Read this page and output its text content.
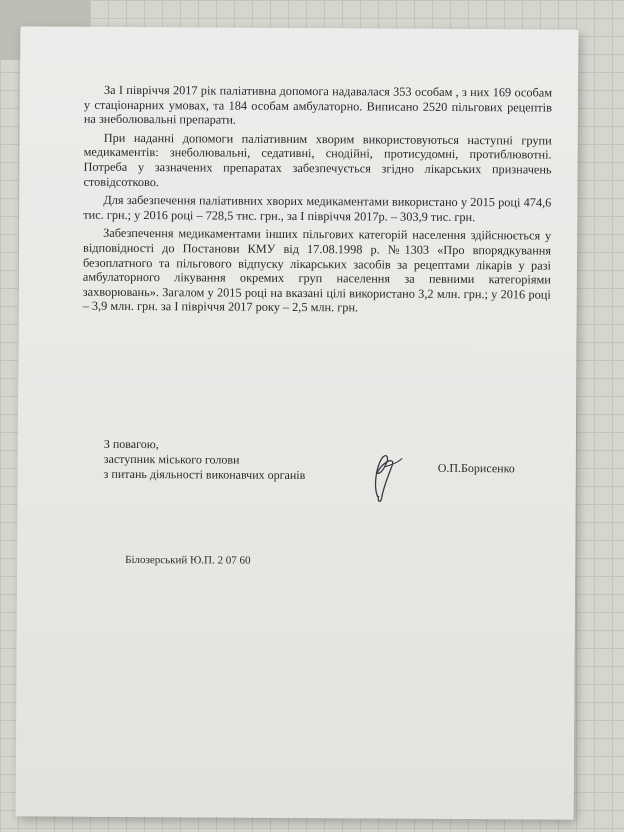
За I півріччя 2017 рік паліативна допомога надавалася 353 особам , з них 169 особам у стаціонарних умовах, та 184 особам амбулаторно. Виписано 2520 пільгових рецептів на знеболювальні препарати.

При наданні допомоги паліативним хворим використовуються наступні групи медикаментів: знеболювальні, седативні, снодійні, протисудомні, протиблювотні. Потреба у зазначених препаратах забезпечується згідно лікарських призначень стовідсотково.

Для забезпечення паліативних хворих медикаментами використано у 2015 році 474,6 тис. грн.; у 2016 році – 728,5 тис. грн., за I півріччя 2017р. – 303,9 тис. грн.

Забезпечення медикаментами інших пільгових категорій населення здійснюється у відповідності до Постанови КМУ від 17.08.1998 р. №1303 «Про впорядкування безоплатного та пільгового відпуску лікарських засобів за рецептами лікарів у разі амбулаторного лікування окремих груп населення за певними категоріями захворювань». Загалом у 2015 році на вказані цілі використано 3,2 млн. грн.; у 2016 році – 3,9 млн. грн. за I півріччя 2017 року – 2,5 млн. грн.

З повагою,
заступник міського голови
з питань діяльності виконавчих органів	О.П.Борисенко
Білозерський Ю.П. 2 07 60
